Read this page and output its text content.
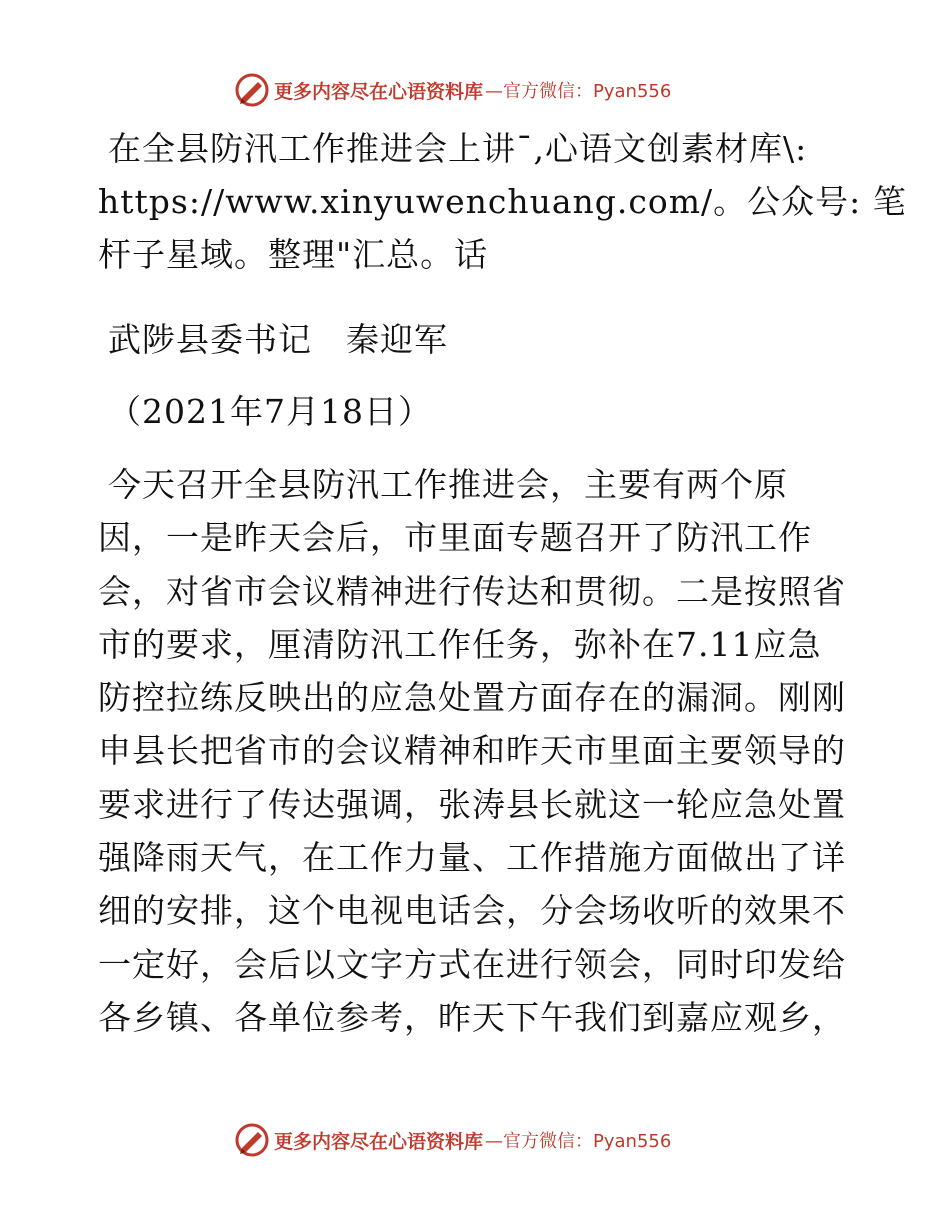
更多内容尽在心语资料库 —官方微信：Pyan556
在全县防汛工作推进会上讲¯,心语文创素材库\:
https://www.xinyuwenchuang.com/。公众号: 笔
杆子星域。整理"汇总。话
武陟县委书记　秦迎军
（2021年7月18日）
今天召开全县防汛工作推进会，主要有两个原
因，一是昨天会后，市里面专题召开了防汛工作
会，对省市会议精神进行传达和贯彻。二是按照省
市的要求，厘清防汛工作任务，弥补在7.11应急
防控拉练反映出的应急处置方面存在的漏洞。刚刚
申县长把省市的会议精神和昨天市里面主要领导的
要求进行了传达强调，张涛县长就这一轮应急处置
强降雨天气，在工作力量、工作措施方面做出了详
细的安排，这个电视电话会，分会场收听的效果不
一定好，会后以文字方式在进行领会，同时印发给
各乡镇、各单位参考，昨天下午我们到嘉应观乡，
更多内容尽在心语资料库 —官方微信：Pyan556
